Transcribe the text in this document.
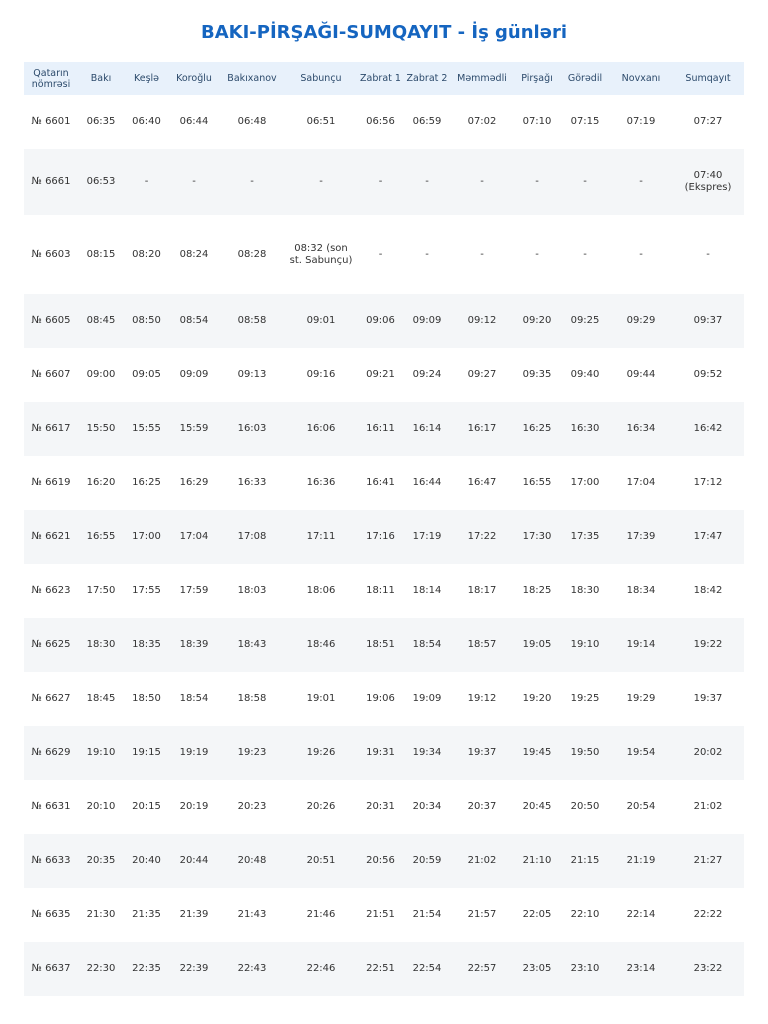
BAKI-PİRŞAĞI-SUMQAYIT - İş günləri
Qatarın nömrəsi	Bakı	Keşlə	Koroğlu	Bakıxanov	Sabunçu	Zabrat 1	Zabrat 2	Məmmədli	Pirşağı	Görədil	Novxanı	Sumqayıt
№ 6601	06:35	06:40	06:44	06:48	06:51	06:56	06:59	07:02	07:10	07:15	07:19	07:27
№ 6661	06:53	-	-	-	-	-	-	-	-	-	-	07:40 (Ekspres)
№ 6603	08:15	08:20	08:24	08:28	08:32 (son st. Sabunçu)	-	-	-	-	-	-	-
№ 6605	08:45	08:50	08:54	08:58	09:01	09:06	09:09	09:12	09:20	09:25	09:29	09:37
№ 6607	09:00	09:05	09:09	09:13	09:16	09:21	09:24	09:27	09:35	09:40	09:44	09:52
№ 6617	15:50	15:55	15:59	16:03	16:06	16:11	16:14	16:17	16:25	16:30	16:34	16:42
№ 6619	16:20	16:25	16:29	16:33	16:36	16:41	16:44	16:47	16:55	17:00	17:04	17:12
№ 6621	16:55	17:00	17:04	17:08	17:11	17:16	17:19	17:22	17:30	17:35	17:39	17:47
№ 6623	17:50	17:55	17:59	18:03	18:06	18:11	18:14	18:17	18:25	18:30	18:34	18:42
№ 6625	18:30	18:35	18:39	18:43	18:46	18:51	18:54	18:57	19:05	19:10	19:14	19:22
№ 6627	18:45	18:50	18:54	18:58	19:01	19:06	19:09	19:12	19:20	19:25	19:29	19:37
№ 6629	19:10	19:15	19:19	19:23	19:26	19:31	19:34	19:37	19:45	19:50	19:54	20:02
№ 6631	20:10	20:15	20:19	20:23	20:26	20:31	20:34	20:37	20:45	20:50	20:54	21:02
№ 6633	20:35	20:40	20:44	20:48	20:51	20:56	20:59	21:02	21:10	21:15	21:19	21:27
№ 6635	21:30	21:35	21:39	21:43	21:46	21:51	21:54	21:57	22:05	22:10	22:14	22:22
№ 6637	22:30	22:35	22:39	22:43	22:46	22:51	22:54	22:57	23:05	23:10	23:14	23:22
